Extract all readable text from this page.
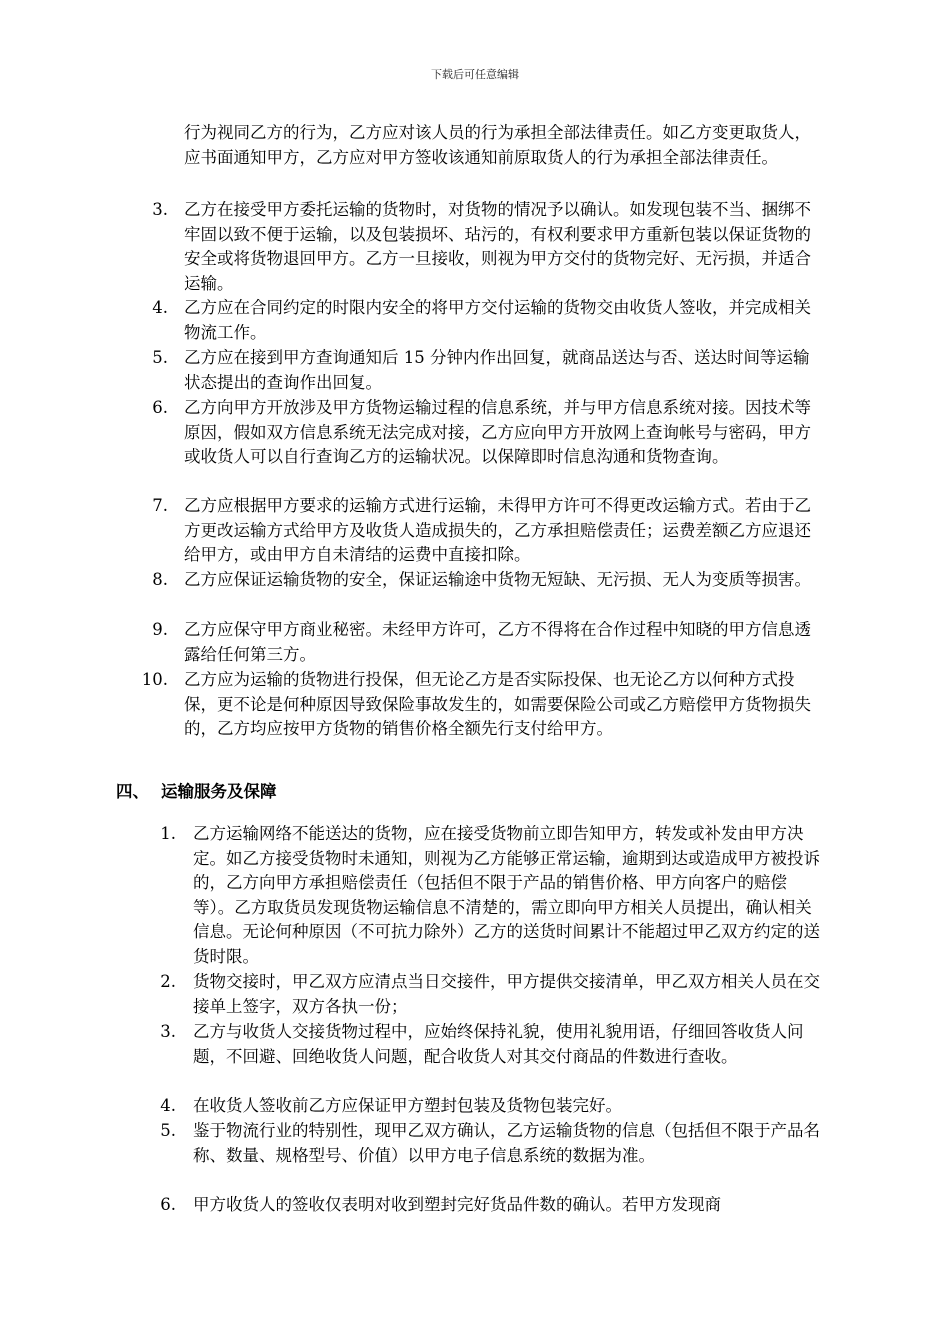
下载后可任意编辑
行为视同乙方的行为，乙方应对该人员的行为承担全部法律责任。如乙方变更取货人，应书面通知甲方，乙方应对甲方签收该通知前原取货人的行为承担全部法律责任。
3. 乙方在接受甲方委托运输的货物时，对货物的情况予以确认。如发现包装不当、捆绑不牢固以致不便于运输，以及包装损坏、玷污的，有权利要求甲方重新包装以保证货物的安全或将货物退回甲方。乙方一旦接收，则视为甲方交付的货物完好、无污损，并适合运输。
4. 乙方应在合同约定的时限内安全的将甲方交付运输的货物交由收货人签收，并完成相关物流工作。
5. 乙方应在接到甲方查询通知后 15 分钟内作出回复，就商品送达与否、送达时间等运输状态提出的查询作出回复。
6. 乙方向甲方开放涉及甲方货物运输过程的信息系统，并与甲方信息系统对接。因技术等原因，假如双方信息系统无法完成对接，乙方应向甲方开放网上查询帐号与密码，甲方或收货人可以自行查询乙方的运输状况。以保障即时信息沟通和货物查询。
7. 乙方应根据甲方要求的运输方式进行运输，未得甲方许可不得更改运输方式。若由于乙方更改运输方式给甲方及收货人造成损失的，乙方承担赔偿责任；运费差额乙方应退还给甲方，或由甲方自未清结的运费中直接扣除。
8. 乙方应保证运输货物的安全，保证运输途中货物无短缺、无污损、无人为变质等损害。
9. 乙方应保守甲方商业秘密。未经甲方许可，乙方不得将在合作过程中知晓的甲方信息透露给任何第三方。
10. 乙方应为运输的货物进行投保，但无论乙方是否实际投保、也无论乙方以何种方式投保，更不论是何种原因导致保险事故发生的，如需要保险公司或乙方赔偿甲方货物损失的，乙方均应按甲方货物的销售价格全额先行支付给甲方。
四、 运输服务及保障
1. 乙方运输网络不能送达的货物，应在接受货物前立即告知甲方，转发或补发由甲方决定。如乙方接受货物时未通知，则视为乙方能够正常运输，逾期到达或造成甲方被投诉的，乙方向甲方承担赔偿责任（包括但不限于产品的销售价格、甲方向客户的赔偿等）。乙方取货员发现货物运输信息不清楚的，需立即向甲方相关人员提出，确认相关信息。无论何种原因（不可抗力除外）乙方的送货时间累计不能超过甲乙双方约定的送货时限。
2. 货物交接时，甲乙双方应清点当日交接件，甲方提供交接清单，甲乙双方相关人员在交接单上签字，双方各执一份；
3. 乙方与收货人交接货物过程中，应始终保持礼貌，使用礼貌用语，仔细回答收货人问题，不回避、回绝收货人问题，配合收货人对其交付商品的件数进行查收。
4. 在收货人签收前乙方应保证甲方塑封包装及货物包装完好。
5. 鉴于物流行业的特别性，现甲乙双方确认，乙方运输货物的信息（包括但不限于产品名称、数量、规格型号、价值）以甲方电子信息系统的数据为准。
6. 甲方收货人的签收仅表明对收到塑封完好货品件数的确认。若甲方发现商
